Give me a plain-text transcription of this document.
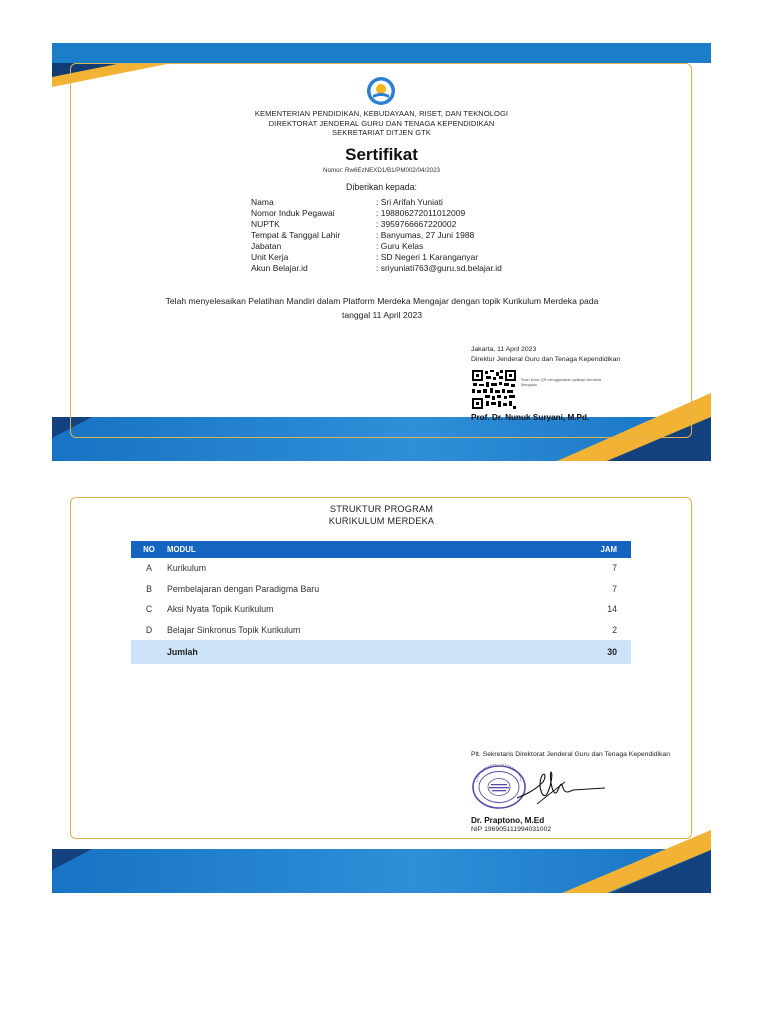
KEMENTERIAN PENDIDIKAN, KEBUDAYAAN, RISET, DAN TEKNOLOGI
DIREKTORAT JENDERAL GURU DAN TENAGA KEPENDIDIKAN
SEKRETARIAT DITJEN GTK
Sertifikat
Nomor: Rw6EzNEXD1/B1/PM002/04/2023
Diberikan kepada:
Nama	: Sri Arifah Yuniati
Nomor Induk Pegawai	: 198806272011012009
NUPTK	: 3959766667220002
Tempat & Tanggal Lahir	: Banyumas, 27 Juni 1988
Jabatan	: Guru Kelas
Unit Kerja	: SD Negeri 1 Karanganyar
Akun Belajar.id	: sriyuniati763@guru.sd.belajar.id
Telah menyelesaikan Pelatihan Mandiri dalam Platform Merdeka Mengajar dengan topik Kurikulum Merdeka pada
tanggal 11 April 2023
Jakarta, 11 April 2023
Direktur Jenderal Guru dan Tenaga Kependidikan
Scan Kode QR menggunakan aplikasi Merdeka Mengajar
Prof. Dr. Nunuk Suryani, M.Pd.
STRUKTUR PROGRAM
KURIKULUM MERDEKA
NO	MODUL	JAM
A	Kurikulum	7
B	Pembelajaran dengan Paradigma Baru	7
C	Aksi Nyata Topik Kurikulum	14
D	Belajar Sinkronus Topik Kurikulum	2
	Jumlah	30
Plt. Sekretaris Direktorat Jenderal Guru dan Tenaga Kependidikan
Dr. Praptono, M.Ed
NIP 196905111994031002
